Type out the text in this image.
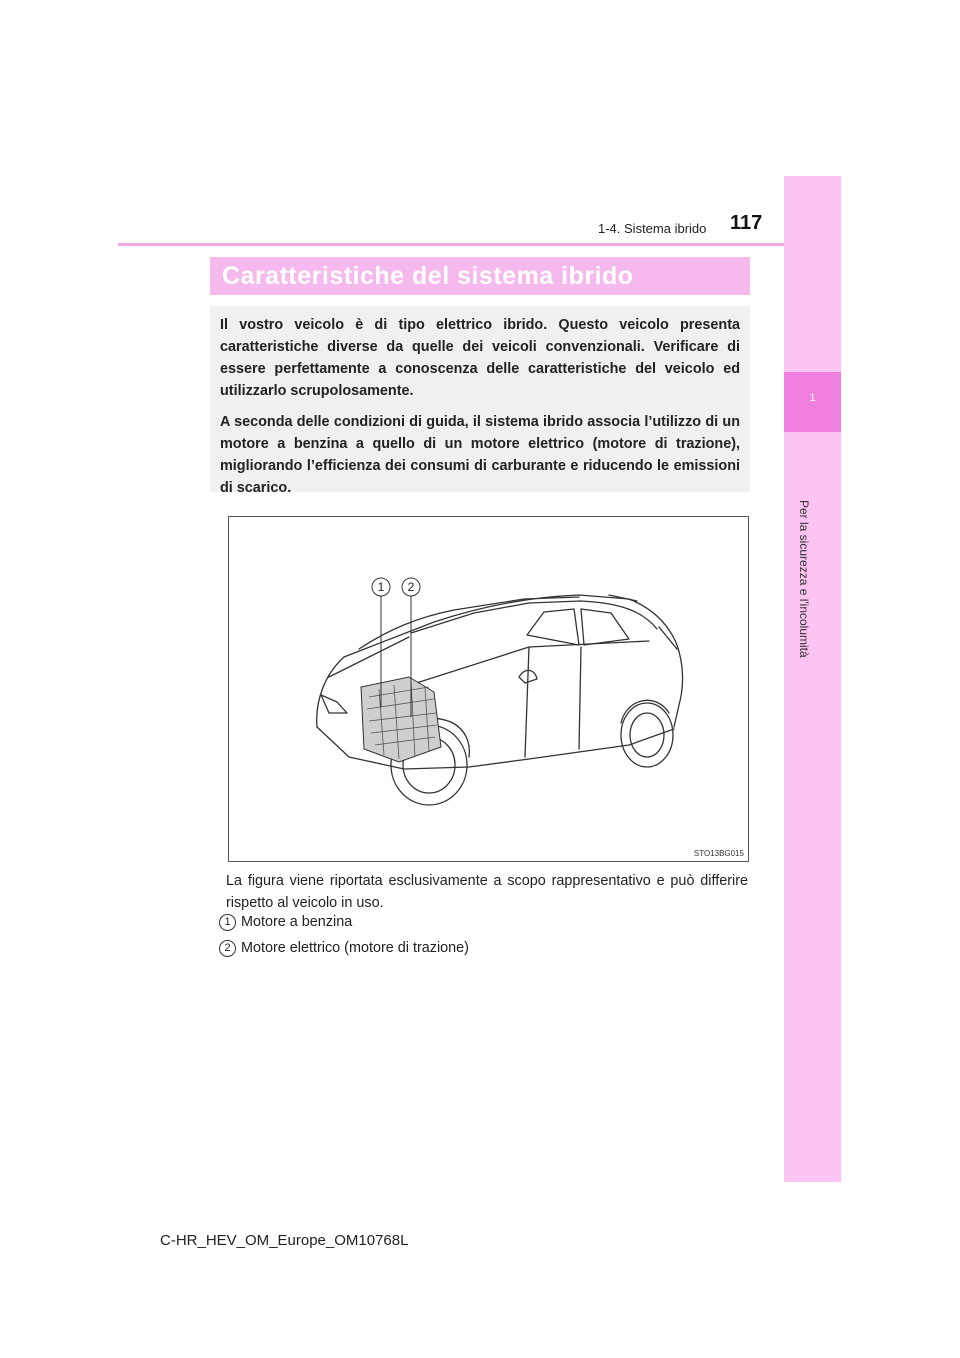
1
Per la sicurezza e l'incolumità
117
1-4. Sistema ibrido
Caratteristiche del sistema ibrido

Il vostro veicolo è di tipo elettrico ibrido. Questo veicolo presenta caratteristiche diverse da quelle dei veicoli convenzionali. Verificare di essere perfettamente a conoscenza delle caratteristiche del veicolo ed utilizzarlo scrupolosamente.

A seconda delle condizioni di guida, il sistema ibrido associa l’utilizzo di un motore a benzina a quello di un motore elettrico (motore di trazione), migliorando l’efficienza dei consumi di carburante e riducendo le emissioni di scarico.

1 2
STO13BG015
La figura viene riportata esclusivamente a scopo rappresentativo e può differire rispetto al veicolo in uso.
1 Motore a benzina
2 Motore elettrico (motore di trazione)
C-HR_HEV_OM_Europe_OM10768L
